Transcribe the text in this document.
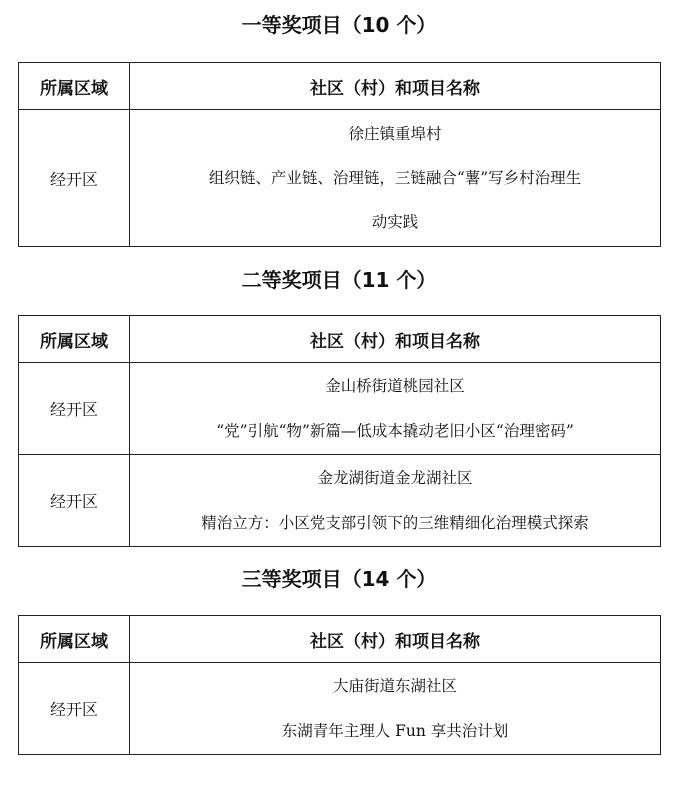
一等奖项目（10 个）
所属区域	社区（村）和项目名称
经开区	徐庄镇重埠村
组织链、产业链、治理链，三链融合“薯”写乡村治理生
动实践
二等奖项目（11 个）
所属区域	社区（村）和项目名称
经开区	金山桥街道桃园社区
“党”引航“物”新篇—低成本撬动老旧小区“治理密码”

经开区	金龙湖街道金龙湖社区
精治立方：小区党支部引领下的三维精细化治理模式探索
三等奖项目（14 个）
所属区域	社区（村）和项目名称
经开区	大庙街道东湖社区
东湖青年主理人 Fun 享共治计划
